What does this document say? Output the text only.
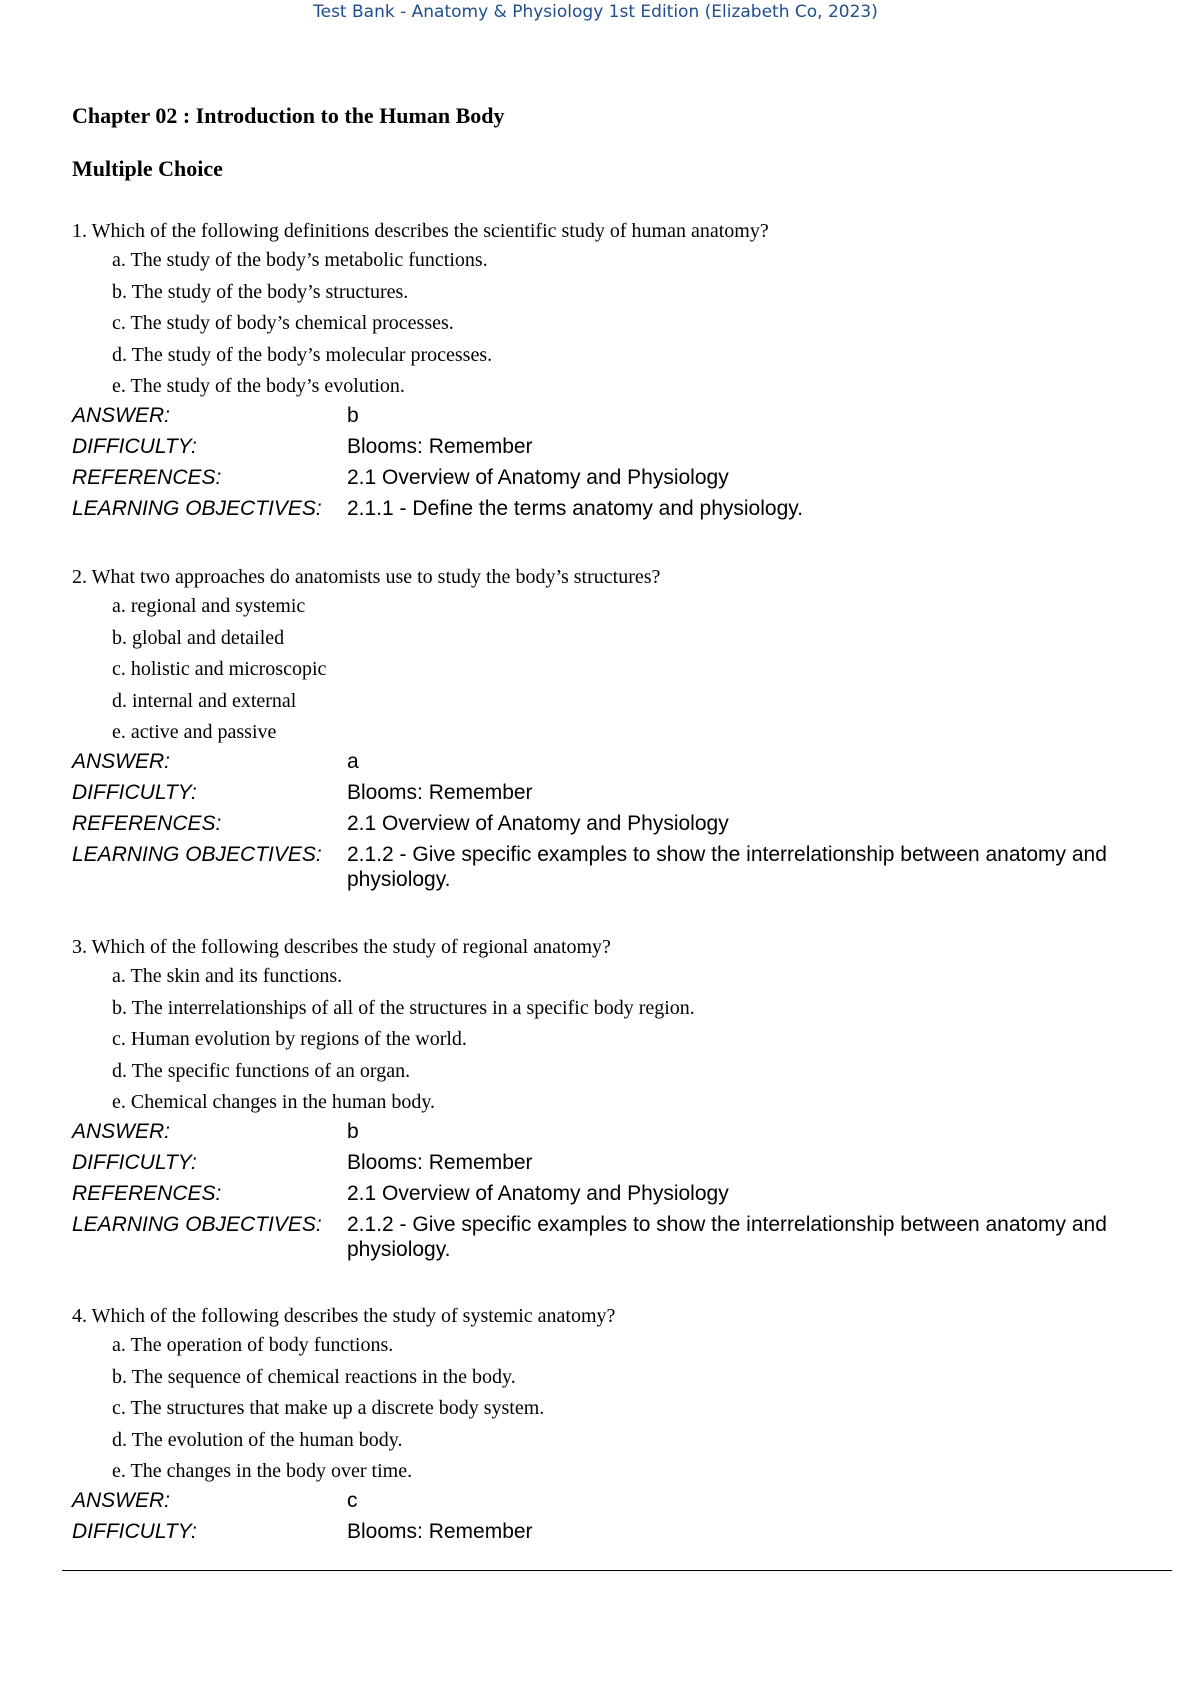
Test Bank - Anatomy & Physiology 1st Edition (Elizabeth Co, 2023)
Chapter 02 : Introduction to the Human Body
Multiple Choice
1. Which of the following definitions describes the scientific study of human anatomy?
a. The study of the body’s metabolic functions.
b. The study of the body’s structures.
c. The study of body’s chemical processes.
d. The study of the body’s molecular processes.
e. The study of the body’s evolution.
ANSWER:	b
DIFFICULTY:	Blooms: Remember
REFERENCES:	2.1 Overview of Anatomy and Physiology
LEARNING OBJECTIVES:	2.1.1 - Define the terms anatomy and physiology.
2. What two approaches do anatomists use to study the body’s structures?
a. regional and systemic
b. global and detailed
c. holistic and microscopic
d. internal and external
e. active and passive
ANSWER:	a
DIFFICULTY:	Blooms: Remember
REFERENCES:	2.1 Overview of Anatomy and Physiology
LEARNING OBJECTIVES:	2.1.2 - Give specific examples to show the interrelationship between anatomy and physiology.
3. Which of the following describes the study of regional anatomy?
a. The skin and its functions.
b. The interrelationships of all of the structures in a specific body region.
c. Human evolution by regions of the world.
d. The specific functions of an organ.
e. Chemical changes in the human body.
ANSWER:	b
DIFFICULTY:	Blooms: Remember
REFERENCES:	2.1 Overview of Anatomy and Physiology
LEARNING OBJECTIVES:	2.1.2 - Give specific examples to show the interrelationship between anatomy and physiology.
4. Which of the following describes the study of systemic anatomy?
a. The operation of body functions.
b. The sequence of chemical reactions in the body.
c. The structures that make up a discrete body system.
d. The evolution of the human body.
e. The changes in the body over time.
ANSWER:	c
DIFFICULTY:	Blooms: Remember
